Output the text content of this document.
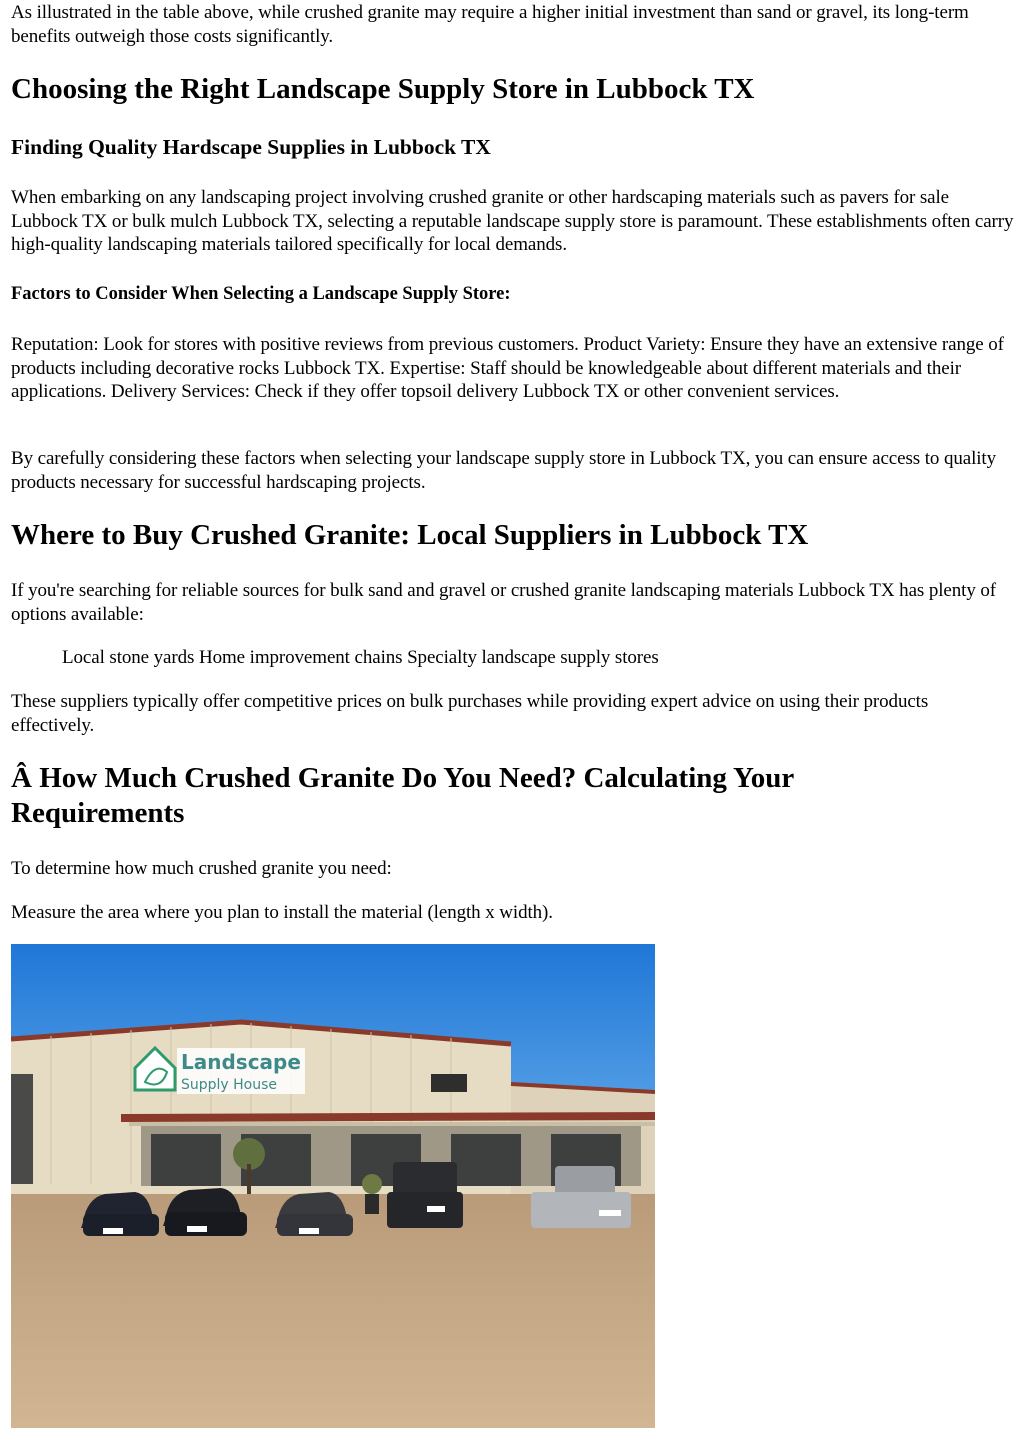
As illustrated in the table above, while crushed granite may require a higher initial investment than sand or gravel, its long-term benefits outweigh those costs significantly.

Choosing the Right Landscape Supply Store in Lubbock TX
Finding Quality Hardscape Supplies in Lubbock TX

When embarking on any landscaping project involving crushed granite or other hardscaping materials such as pavers for sale Lubbock TX or bulk mulch Lubbock TX, selecting a reputable landscape supply store is paramount. These establishments often carry high-quality landscaping materials tailored specifically for local demands.

Factors to Consider When Selecting a Landscape Supply Store:

Reputation: Look for stores with positive reviews from previous customers. Product Variety: Ensure they have an extensive range of products including decorative rocks Lubbock TX. Expertise: Staff should be knowledgeable about different materials and their applications. Delivery Services: Check if they offer topsoil delivery Lubbock TX or other convenient services.

By carefully considering these factors when selecting your landscape supply store in Lubbock TX, you can ensure access to quality products necessary for successful hardscaping projects.

Where to Buy Crushed Granite: Local Suppliers in Lubbock TX

If you're searching for reliable sources for bulk sand and gravel or crushed granite landscaping materials Lubbock TX has plenty of options available:

Local stone yards Home improvement chains Specialty landscape supply stores

These suppliers typically offer competitive prices on bulk purchases while providing expert advice on using their products effectively.

Â How Much Crushed Granite Do You Need? Calculating Your Requirements

To determine how much crushed granite you need:

Measure the area where you plan to install the material (length x width).

Landscape
Supply House
